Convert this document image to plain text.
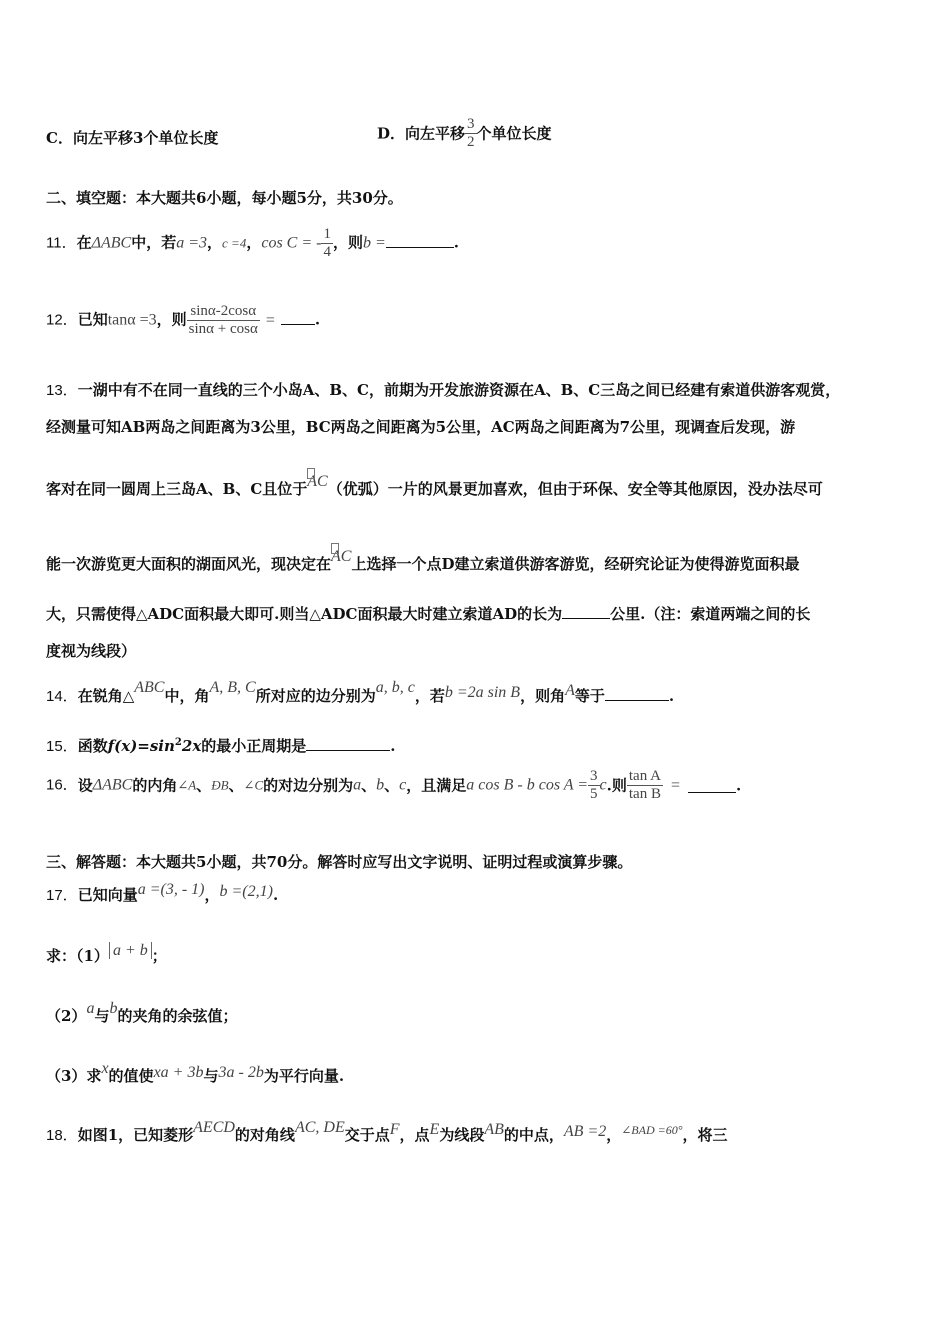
C．向左平移3个单位长度	D．向左平移 $\frac{3}{2}$ 个单位长度
二、填空题：本大题共6小题，每小题5分，共30分。
11．在ΔABC中，若a =3，c =4，cos C = - $\frac{1}{4}$ ，则b =	.
12．已知tanα =3，则 $\frac{\sin\alpha-2\cos\alpha}{\sin\alpha + \cos\alpha}$ =	.
13．一湖中有不在同一直线的三个小岛A、B、C，前期为开发旅游资源在A、B、C三岛之间已经建有索道供游客观赏，
经测量可知AB两岛之间距离为3公里，BC两岛之间距离为5公里，AC两岛之间距离为7公里，现调查后发现，游
客对在同一圆周上三岛A、B、C且位于AC（优弧）一片的风景更加喜欢，但由于环保、安全等其他原因，没办法尽可
能一次游览更大面积的湖面风光，现决定在AC上选择一个点D建立索道供游客游览，经研究论证为使得游览面积最
大，只需使得△ADC面积最大即可.则当△ADC面积最大时建立索道AD的长为	公里.（注：索道两端之间的长
度视为线段）
14．在锐角△ABC中，角A, B, C所对应的边分别为a, b, c，若b =2a sin B，则角A等于	.
15．函数$f(x)=\sin^22x$的最小正周期是	.
16．设ΔABC的内角∠A、ÐB、∠C的对边分别为a、b、c，且满足a cos B - b $\cos A = \frac{3}{5} c$.则 $\frac{\text{tan A}}{\text{tan B}}$ =	.
三、解答题：本大题共5小题，共70分。解答时应写出文字说明、证明过程或演算步骤。
17．已知向量a =(3, - 1)，b =(2,1).
求：（1） a + b ；
（2）a与b的夹角的余弦值；
（3）求x的值使xa + 3b与3a - 2b为平行向量.
18．如图1，已知菱形AECD的对角线AC, DE交于点F，点E为线段AB的中点，AB =2，$^{\angle BAD =60^\circ}$，将三
